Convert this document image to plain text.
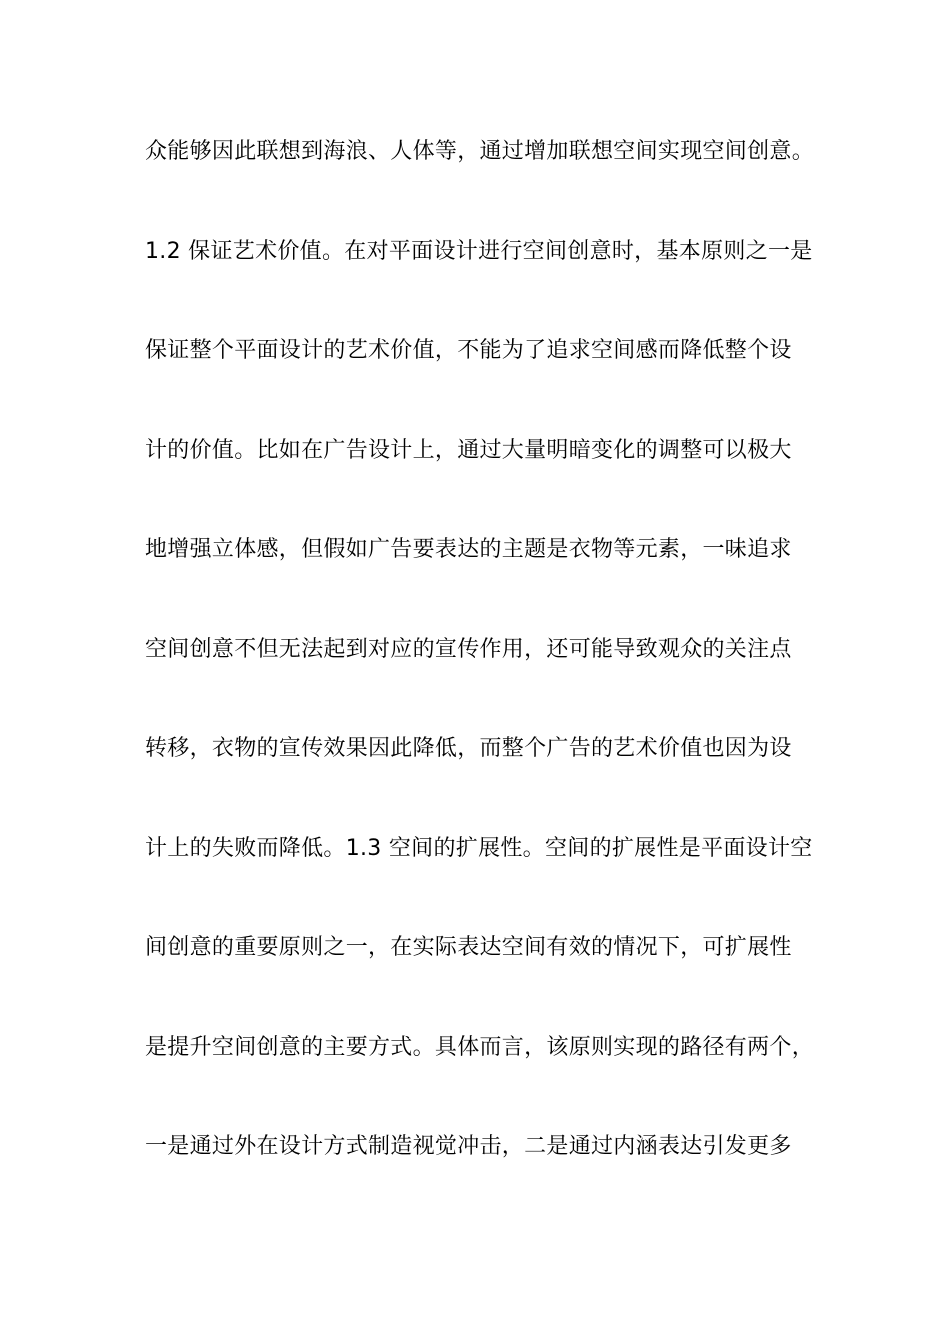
众能够因此联想到海浪、人体等，通过增加联想空间实现空间创意。
1.2 保证艺术价值。在对平面设计进行空间创意时，基本原则之一是
保证整个平面设计的艺术价值，不能为了追求空间感而降低整个设
计的价值。比如在广告设计上，通过大量明暗变化的调整可以极大
地增强立体感，但假如广告要表达的主题是衣物等元素，一味追求
空间创意不但无法起到对应的宣传作用，还可能导致观众的关注点
转移，衣物的宣传效果因此降低，而整个广告的艺术价值也因为设
计上的失败而降低。1.3 空间的扩展性。空间的扩展性是平面设计空
间创意的重要原则之一，在实际表达空间有效的情况下，可扩展性
是提升空间创意的主要方式。具体而言，该原则实现的路径有两个，
一是通过外在设计方式制造视觉冲击，二是通过内涵表达引发更多
